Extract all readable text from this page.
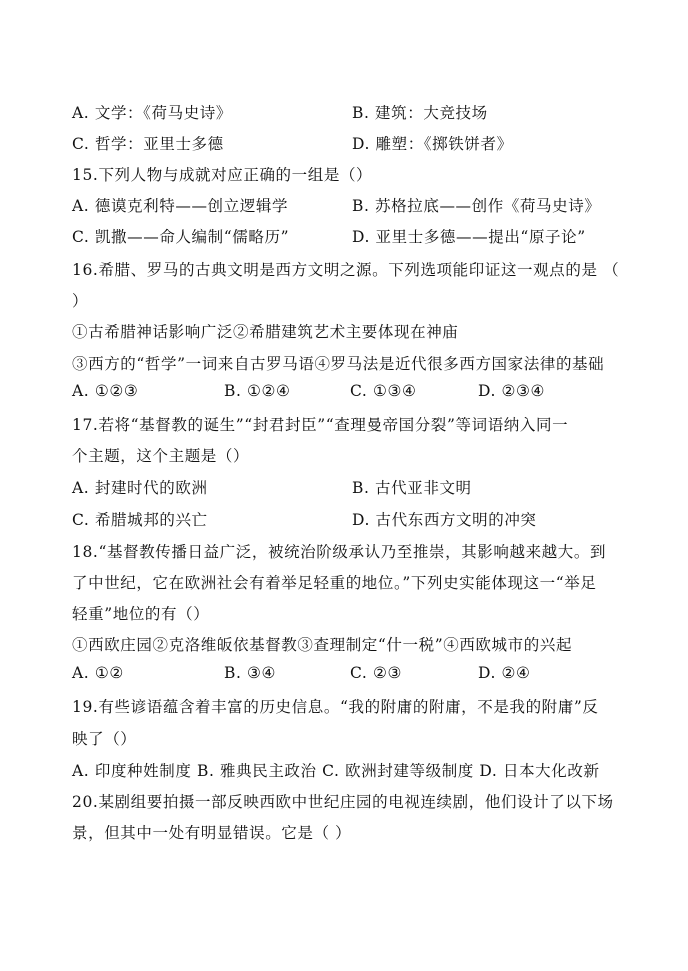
A. 文学：《荷马史诗》	B. 建筑：大竞技场
C. 哲学：亚里士多德	D. 雕塑：《掷铁饼者》
15.下列人物与成就对应正确的一组是（）
A. 德谟克利特——创立逻辑学	B. 苏格拉底——创作《荷马史诗》
C. 凯撒——命人编制“儒略历”	D. 亚里士多德——提出“原子论”
16.希腊、罗马的古典文明是西方文明之源。下列选项能印证这一观点的是 （
）
①古希腊神话影响广泛②希腊建筑艺术主要体现在神庙
③西方的“哲学”一词来自古罗马语④罗马法是近代很多西方国家法律的基础
A. ①②③	B. ①②④	C. ①③④	D. ②③④
17.若将“基督教的诞生”“封君封臣”“查理曼帝国分裂”等词语纳入同一
个主题，这个主题是（）
A. 封建时代的欧洲	B. 古代亚非文明
C. 希腊城邦的兴亡	D. 古代东西方文明的冲突
18.“基督教传播日益广泛，被统治阶级承认乃至推崇，其影响越来越大。到
了中世纪，它在欧洲社会有着举足轻重的地位。”下列史实能体现这一“举足
轻重”地位的有（）
①西欧庄园②克洛维皈依基督教③查理制定“什一税”④西欧城市的兴起
A. ①②	B. ③④	C. ②③	D. ②④
19.有些谚语蕴含着丰富的历史信息。“我的附庸的附庸，不是我的附庸”反
映了（）
A. 印度种姓制度 B. 雅典民主政治 C. 欧洲封建等级制度 D. 日本大化改新
20.某剧组要拍摄一部反映西欧中世纪庄园的电视连续剧，他们设计了以下场
景，但其中一处有明显错误。它是（ ）
